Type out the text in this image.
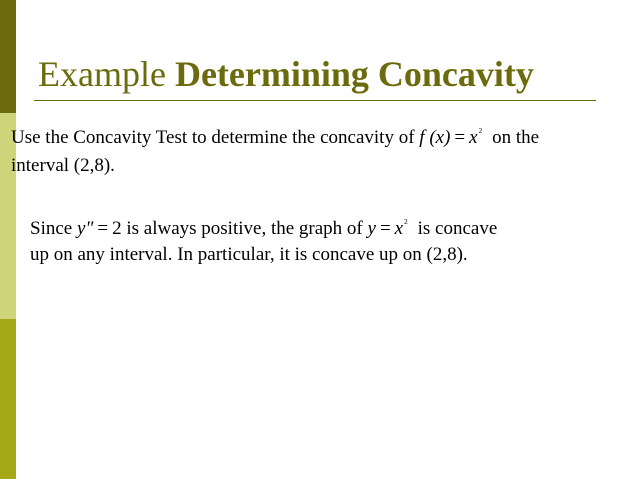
Example Determining Concavity
Use the Concavity Test to determine the concavity of f $(x) = x^2$ on the
interval (2,8).
Since y" = 2 is always positive, the graph of $y = x^2$ is concave
up on any interval. In particular, it is concave up on (2,8).
